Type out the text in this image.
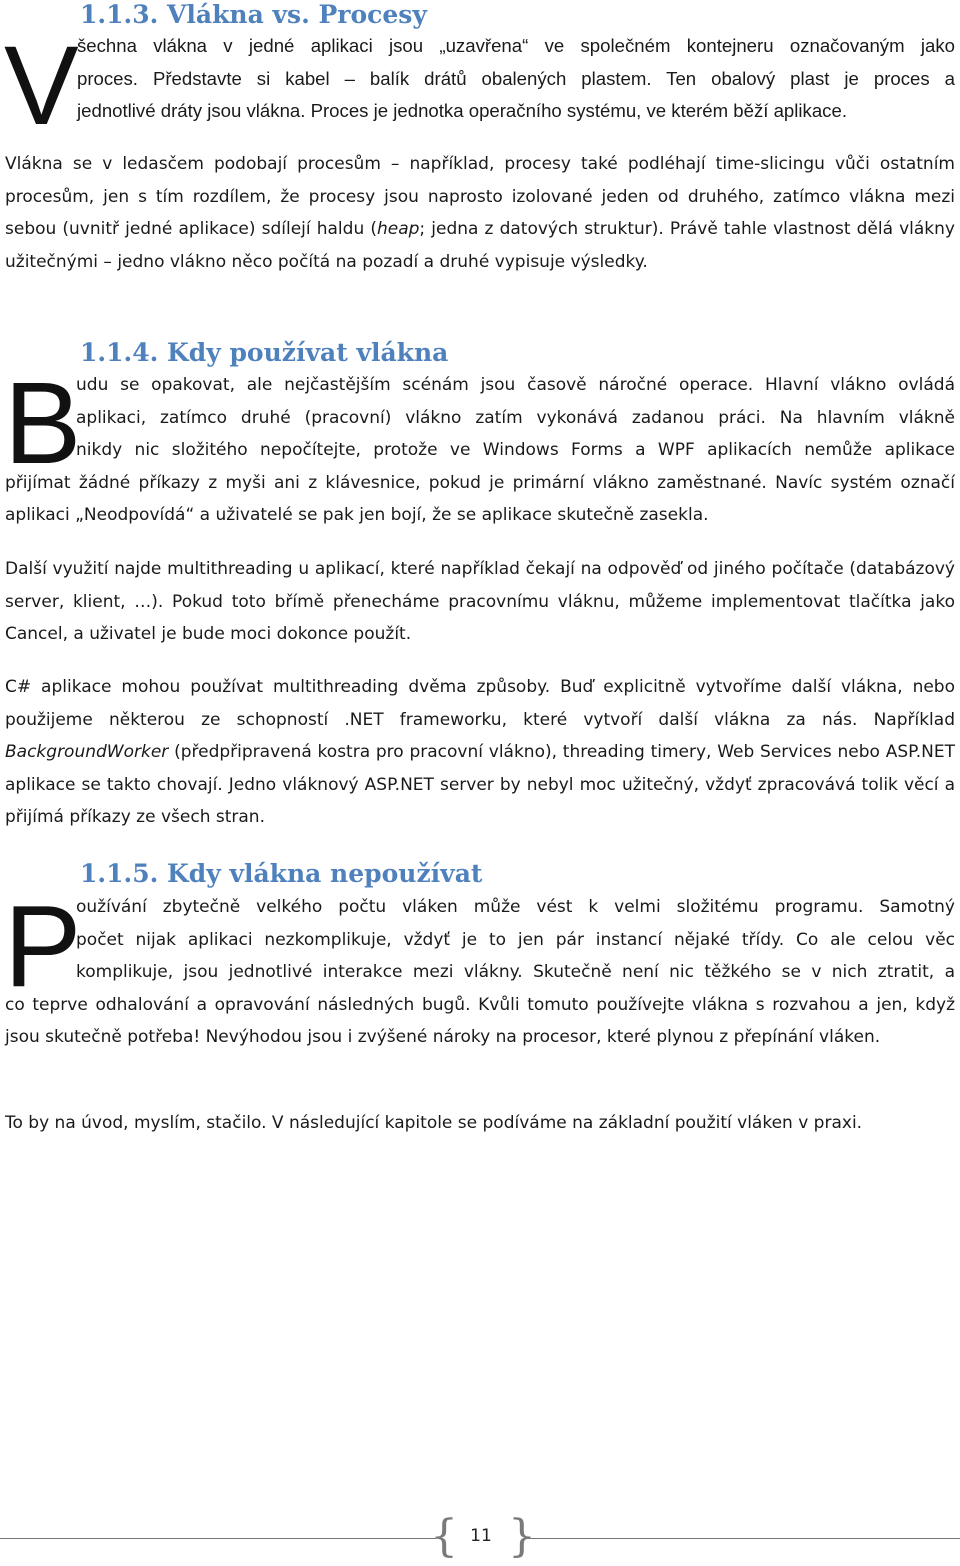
1.1.3. Vlákna vs. Procesy
V
šechna vlákna v jedné aplikaci jsou „uzavřena“ ve společném kontejneru označovaným jako
proces. Představte si kabel – balík drátů obalených plastem. Ten obalový plast je proces a
jednotlivé dráty jsou vlákna. Proces je jednotka operačního systému, ve kterém běží aplikace.

Vlákna se v ledasčem podobají procesům – například, procesy také podléhají time-slicingu vůči ostatním procesům, jen s tím rozdílem, že procesy jsou naprosto izolované jeden od druhého, zatímco vlákna mezi sebou (uvnitř jedné aplikace) sdílejí haldu (heap; jedna z datových struktur). Právě tahle vlastnost dělá vlákny užitečnými – jedno vlákno něco počítá na pozadí a druhé vypisuje výsledky.

1.1.4. Kdy používat vlákna
B
udu se opakovat, ale nejčastějším scénám jsou časově náročné operace. Hlavní vlákno ovládá
aplikaci, zatímco druhé (pracovní) vlákno zatím vykonává zadanou práci. Na hlavním vlákně
nikdy nic složitého nepočítejte, protože ve Windows Forms a WPF aplikacích nemůže aplikace
přijímat žádné příkazy z myši ani z klávesnice, pokud je primární vlákno zaměstnané. Navíc systém označí aplikaci „Neodpovídá“ a uživatelé se pak jen bojí, že se aplikace skutečně zasekla.

Další využití najde multithreading u aplikací, které například čekají na odpověď od jiného počítače (databázový server, klient, …). Pokud toto břímě přenecháme pracovnímu vláknu, můžeme implementovat tlačítka jako Cancel, a uživatel je bude moci dokonce použít.

C# aplikace mohou používat multithreading dvěma způsoby. Buď explicitně vytvoříme další vlákna, nebo použijeme některou ze schopností .NET frameworku, které vytvoří další vlákna za nás. Například BackgroundWorker (předpřipravená kostra pro pracovní vlákno), threading timery, Web Services nebo ASP.NET aplikace se takto chovají. Jedno vláknový ASP.NET server by nebyl moc užitečný, vždyť zpracovává tolik věcí a přijímá příkazy ze všech stran.

1.1.5. Kdy vlákna nepoužívat
P
oužívání zbytečně velkého počtu vláken může vést k velmi složitému programu. Samotný
počet nijak aplikaci nezkomplikuje, vždyť je to jen pár instancí nějaké třídy. Co ale celou věc
komplikuje, jsou jednotlivé interakce mezi vlákny. Skutečně není nic těžkého se v nich ztratit, a
co teprve odhalování a opravování následných bugů. Kvůli tomuto používejte vlákna s rozvahou a jen, když jsou skutečně potřeba! Nevýhodou jsou i zvýšené nároky na procesor, které plynou z přepínání vláken.

To by na úvod, myslím, stačilo. V následující kapitole se podíváme na základní použití vláken v praxi.

{ 11 }
